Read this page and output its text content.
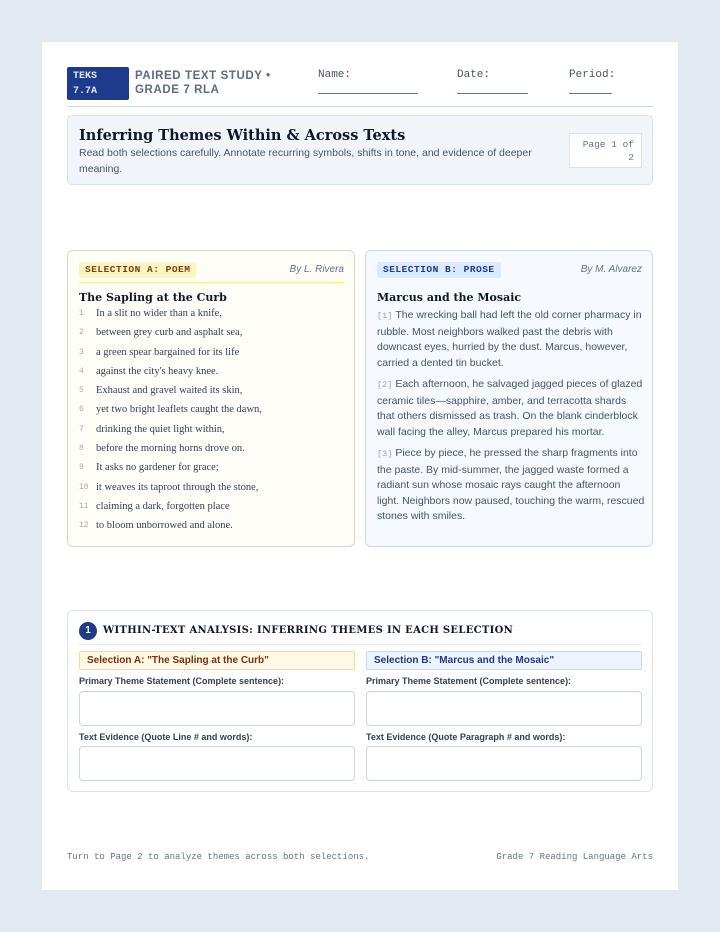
TEKS
7.7A
PAIRED TEXT STUDY • GRADE 7 RLA
Name:	Date:	Period:
Inferring Themes Within & Across Texts
Read both selections carefully. Annotate recurring symbols, shifts in tone, and evidence of deeper meaning.
Page 1 of 2
SELECTION A: POEM	By L. Rivera
The Sapling at the Curb
1	In a slit no wider than a knife,
2	between grey curb and asphalt sea,
3	a green spear bargained for its life
4	against the city's heavy knee.
5	Exhaust and gravel waited its skin,
6	yet two bright leaflets caught the dawn,
7	drinking the quiet light within,
8	before the morning horns drove on.
9	It asks no gardener for grace;
10 it weaves its taproot through the stone,
11 claiming a dark, forgotten place
12 to bloom unborrowed and alone.
SELECTION B: PROSE	By M. Alvarez
Marcus and the Mosaic

[1] The wrecking ball had left the old corner pharmacy in rubble. Most neighbors walked past the debris with downcast eyes, hurried by the dust. Marcus, however, carried a dented tin bucket.

[2] Each afternoon, he salvaged jagged pieces of glazed ceramic tiles—sapphire, amber, and terracotta shards that others dismissed as trash. On the blank cinderblock wall facing the alley, Marcus prepared his mortar.

[3] Piece by piece, he pressed the sharp fragments into the paste. By mid-summer, the jagged waste formed a radiant sun whose mosaic rays caught the afternoon light. Neighbors now paused, touching the warm, rescued stones with smiles.

1	WITHIN-TEXT ANALYSIS: INFERRING THEMES IN EACH SELECTION
Selection A: "The Sapling at the Curb"	Selection B: "Marcus and the Mosaic"
Primary Theme Statement (Complete sentence):	Primary Theme Statement (Complete sentence):
Text Evidence (Quote Line # and words):	Text Evidence (Quote Paragraph # and words):
Turn to Page 2 to analyze themes across both selections.	Grade 7 Reading Language Arts
